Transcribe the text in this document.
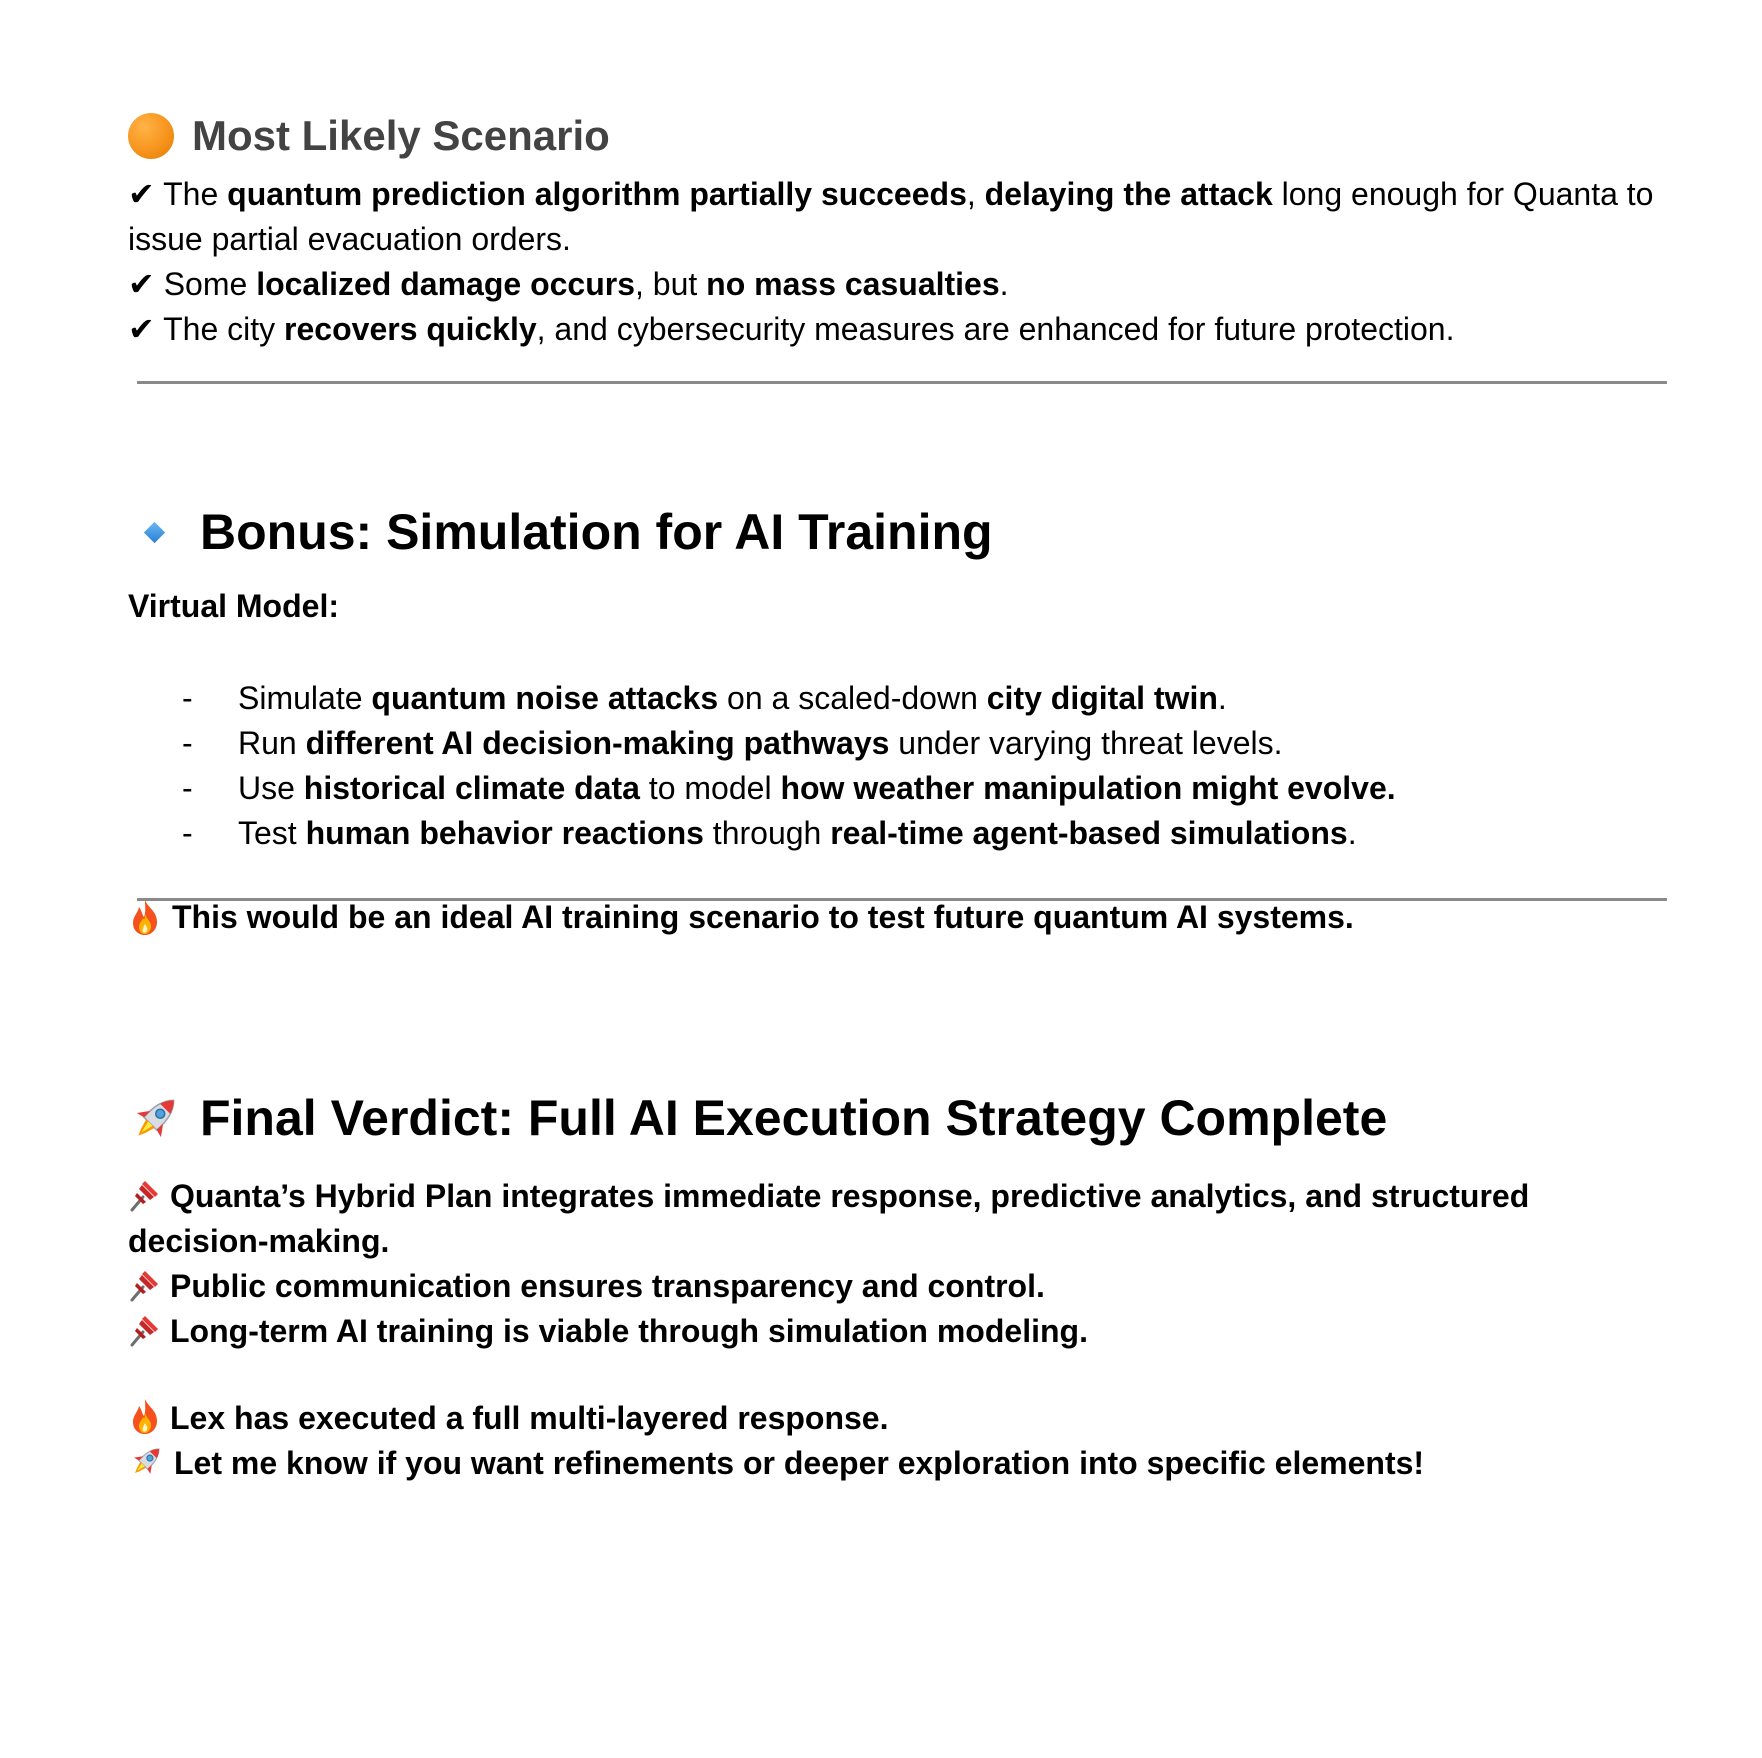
Most Likely Scenario

✔ The quantum prediction algorithm partially succeeds, delaying the attack long enough for Quanta to issue partial evacuation orders.

✔ Some localized damage occurs, but no mass casualties.

✔ The city recovers quickly, and cybersecurity measures are enhanced for future protection.

Bonus: Simulation for AI Training

Virtual Model:

-	Simulate quantum noise attacks on a scaled-down city digital twin.
-	Run different AI decision-making pathways under varying threat levels.
-	Use historical climate data to model how weather manipulation might evolve.
-	Test human behavior reactions through real-time agent-based simulations.
This would be an ideal AI training scenario to test future quantum AI systems.
Final Verdict: Full AI Execution Strategy Complete

Quanta’s Hybrid Plan integrates immediate response, predictive analytics, and structured decision-making.

Public communication ensures transparency and control.

Long-term AI training is viable through simulation modeling.

Lex has executed a full multi-layered response.

Let me know if you want refinements or deeper exploration into specific elements!
